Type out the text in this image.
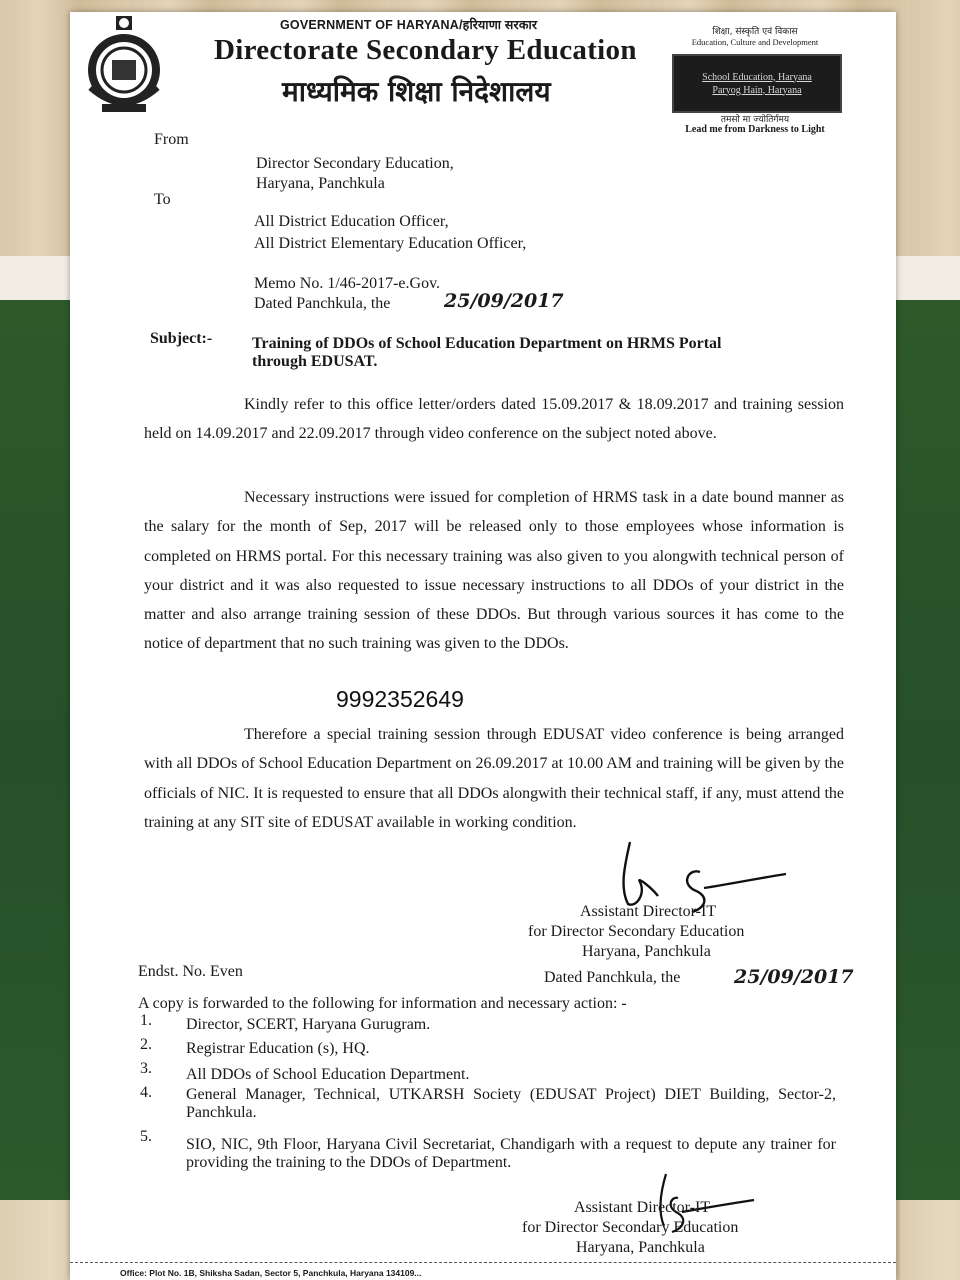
GOVERNMENT OF HARYANA/हरियाणा सरकार
Directorate Secondary Education
माध्यमिक शिक्षा निदेशालय
शिक्षा, संस्कृति एवं विकास
Education, Culture and Development
School Education, Haryana
Paryog Hain, Haryana
तमसो मा ज्योतिर्गमय
Lead me from Darkness to Light
From
Director Secondary Education,
Haryana, Panchkula
To
All District Education Officer,
All District Elementary Education Officer,
Memo No. 1/46-2017-e.Gov.
Dated Panchkula, the	25/09/2017
Subject:- Training of DDOs of School Education Department on HRMS Portal
through EDUSAT.

Kindly refer to this office letter/orders dated 15.09.2017 & 18.09.2017 and training session held on 14.09.2017 and 22.09.2017 through video conference on the subject noted above.

Necessary instructions were issued for completion of HRMS task in a date bound manner as the salary for the month of Sep, 2017 will be released only to those employees whose information is completed on HRMS portal. For this necessary training was also given to you alongwith technical person of your district and it was also requested to issue necessary instructions to all DDOs of your district in the matter and also arrange training session of these DDOs. But through various sources it has come to the notice of department that no such training was given to the DDOs.

9992352649

Therefore a special training session through EDUSAT video conference is being arranged with all DDOs of School Education Department on 26.09.2017 at 10.00 AM and training will be given by the officials of NIC. It is requested to ensure that all DDOs alongwith their technical staff, if any, must attend the training at any SIT site of EDUSAT available in working condition.

Assistant Director-IT
for Director Secondary Education
Haryana, Panchkula
Endst. No. Even	Dated Panchkula, the	25/09/2017
A copy is forwarded to the following for information and necessary action: -
1. Director, SCERT, Haryana Gurugram.
2. Registrar Education (s), HQ.
3. All DDOs of School Education Department.
4. General Manager, Technical, UTKARSH Society (EDUSAT Project) DIET Building, Sector-2, Panchkula.
5. SIO, NIC, 9th Floor, Haryana Civil Secretariat, Chandigarh with a request to depute any trainer for providing the training to the DDOs of Department.
Assistant Director-IT
for Director Secondary Education
Haryana, Panchkula
Office: Plot No. 1B, Shiksha Sadan, Sector 5, Panchkula, Haryana 134109...
